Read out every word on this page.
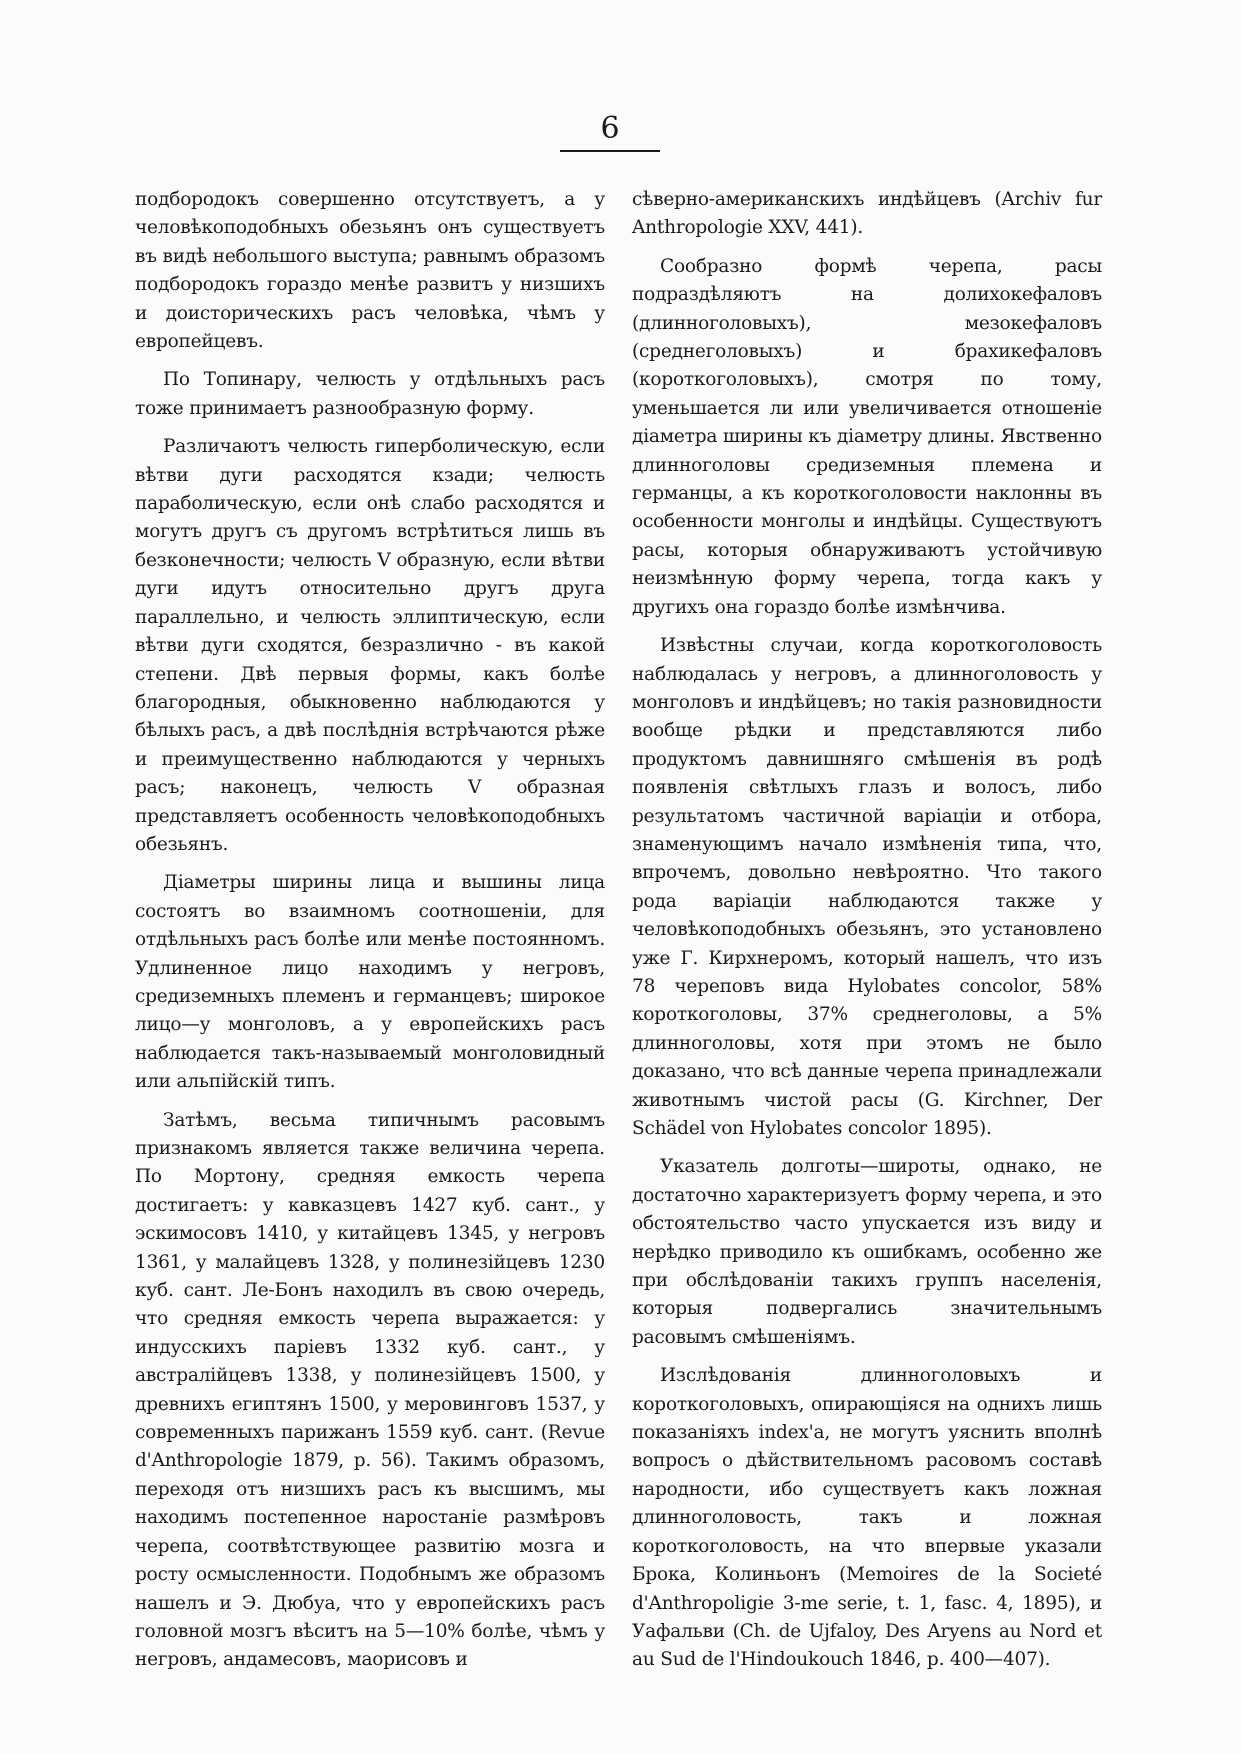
6

подбородокъ совершенно отсутствуетъ, а у человѣкоподобныхъ обезьянъ онъ существуетъ въ видѣ небольшого выступа; равнымъ образомъ подбородокъ гораздо менѣе развитъ у низшихъ и доисторическихъ расъ человѣка, чѣмъ у европейцевъ.

По Топинару, челюсть у отдѣльныхъ расъ тоже принимаетъ разнообразную форму.

Различаютъ челюсть гиперболическую, если вѣтви дуги расходятся кзади; челюсть параболическую, если онѣ слабо расходятся и могутъ другъ съ другомъ встрѣтиться лишь въ безконечности; челюсть V образную, если вѣтви дуги идутъ относительно другъ друга параллельно, и челюсть эллиптическую, если вѣтви дуги сходятся, безразлично - въ какой степени. Двѣ первыя формы, какъ болѣе благородныя, обыкновенно наблюдаются у бѣлыхъ расъ, а двѣ послѣднія встрѣчаются рѣже и преимущественно наблюдаются у черныхъ расъ; наконецъ, челюсть V образная представляетъ особенность человѣкоподобныхъ обезьянъ.

Діаметры ширины лица и вышины лица состоятъ во взаимномъ соотношеніи, для отдѣльныхъ расъ болѣе или менѣе постоянномъ. Удлиненное лицо находимъ у негровъ, средиземныхъ племенъ и германцевъ; широкое лицо—у монголовъ, а у европейскихъ расъ наблюдается такъ-называемый монголовидный или альпійскій типъ.

Затѣмъ, весьма типичнымъ расовымъ признакомъ является также величина черепа. По Мортону, средняя емкость черепа достигаетъ: у кавказцевъ 1427 куб. сант., у эскимосовъ 1410, у китайцевъ 1345, у негровъ 1361, у малайцевъ 1328, у полинезійцевъ 1230 куб. сант. Ле-Бонъ находилъ въ свою очередь, что средняя емкость черепа выражается: у индусскихъ паріевъ 1332 куб. сант., у австралійцевъ 1338, у полинезійцевъ 1500, у древнихъ египтянъ 1500, у меровинговъ 1537, у современныхъ парижанъ 1559 куб. сант. (Revue d'Anthropologie 1879, p. 56). Такимъ образомъ, переходя отъ низшихъ расъ къ высшимъ, мы находимъ постепенное наростаніе размѣровъ черепа, соотвѣтствующее развитію мозга и росту осмысленности. Подобнымъ же образомъ нашелъ и Э. Дюбуа, что у европейскихъ расъ головной мозгъ вѣситъ на 5—10% болѣе, чѣмъ у негровъ, андамесовъ, маорисовъ и

сѣверно-американскихъ индѣйцевъ (Archiv fur Anthropologie XXV, 441).

Сообразно формѣ черепа, расы подраздѣляютъ на долихокефаловъ (длинноголовыхъ), мезокефаловъ (среднеголовыхъ) и брахикефаловъ (короткоголовыхъ), смотря по тому, уменьшается ли или увеличивается отношеніе діаметра ширины къ діаметру длины. Явственно длинноголовы средиземныя племена и германцы, а къ короткоголовости наклонны въ особенности монголы и индѣйцы. Существуютъ расы, которыя обнаруживаютъ устойчивую неизмѣнную форму черепа, тогда какъ у другихъ она гораздо болѣе измѣнчива.

Извѣстны случаи, когда короткоголовость наблюдалась у негровъ, а длинноголовость у монголовъ и индѣйцевъ; но такія разновидности вообще рѣдки и представляются либо продуктомъ давнишняго смѣшенія въ родѣ появленія свѣтлыхъ глазъ и волосъ, либо результатомъ частичной варіаціи и отбора, знаменующимъ начало измѣненія типа, что, впрочемъ, довольно невѣроятно. Что такого рода варіаціи наблюдаются также у человѣкоподобныхъ обезьянъ, это установлено уже Г. Кирхнеромъ, который нашелъ, что изъ 78 череповъ вида Hylobates concolor, 58% короткоголовы, 37% среднеголовы, а 5% длинноголовы, хотя при этомъ не было доказано, что всѣ данные черепа принадлежали животнымъ чистой расы (G. Kirchner, Der Schädel von Hylobates concolor 1895).

Указатель долготы—широты, однако, не достаточно характеризуетъ форму черепа, и это обстоятельство часто упускается изъ виду и нерѣдко приводило къ ошибкамъ, особенно же при обслѣдованіи такихъ группъ населенія, которыя подвергались значительнымъ расовымъ смѣшеніямъ.

Изслѣдованія длинноголовыхъ и короткоголовыхъ, опирающіяся на однихъ лишь показаніяхъ index'а, не могутъ уяснить вполнѣ вопросъ о дѣйствительномъ расовомъ составѣ народности, ибо существуетъ какъ ложная длинноголовость, такъ и ложная короткоголовость, на что впервые указали Брока, Колиньонъ (Memoires de la Societé d'Anthropoligie 3-me serie, t. 1, fasc. 4, 1895), и Уафальви (Ch. de Ujfaloy, Des Aryens au Nord et au Sud de l'Hindoukouch 1846, p. 400—407).
